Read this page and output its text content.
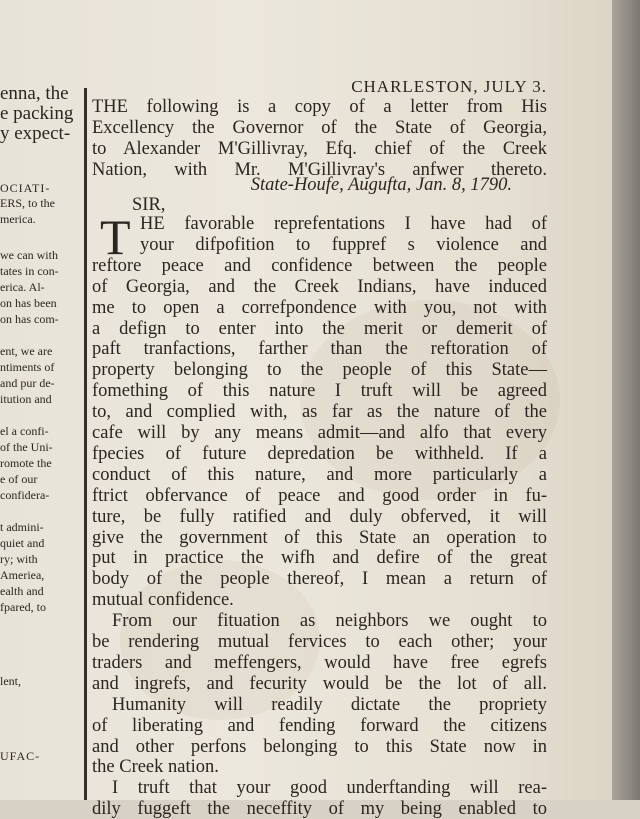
enna, the
e packing
y expect-
OCIATI-
ERS, to the
merica.
we can with
tates in con-
erica. Al-
on has been
on has com-
ent, we are
ntiments of
and pur de-
itution and
el a confi-
of the Uni-
romote the
e of our
confidera-
t admini-
quiet and
ry; with
Ameriea,
ealth and
fpared, to
lent,
UFAC-
CHARLESTON, JULY 3.
THE following is a copy of a letter from His
Excellency the Governor of the State of Georgia,
to Alexander M'Gillivray, Efq. chief of the Creek
Nation, with Mr. M'Gillivray's anfwer thereto.
State-Houfe, Augufta, Jan. 8, 1790.
SIR,
T HE favorable reprefentations I have had of
your difpofition to fuppref s violence and
reftore peace and confidence between the people
of Georgia, and the Creek Indians, have induced
me to open a correfpondence with you, not with
a defign to enter into the merit or demerit of
paft tranfactions, farther than the reftoration of
property belonging to the people of this State—
fomething of this nature I truft will be agreed
to, and complied with, as far as the nature of the
cafe will by any means admit—and alfo that every
fpecies of future depredation be withheld. If a
conduct of this nature, and more particularly a
ftrict obfervance of peace and good order in fu-
ture, be fully ratified and duly obferved, it will
give the government of this State an operation to
put in practice the wifh and defire of the great
body of the people thereof, I mean a return of
mutual confidence.
From our fituation as neighbors we ought to
be rendering mutual fervices to each other; your
traders and meffengers, would have free egrefs
and ingrefs, and fecurity would be the lot of all.
Humanity will readily dictate the propriety
of liberating and fending forward the citizens
and other perfons belonging to this State now in
the Creek nation.
I truft that your good underftanding will rea-
dily fuggeft the neceffity of my being enabled to
